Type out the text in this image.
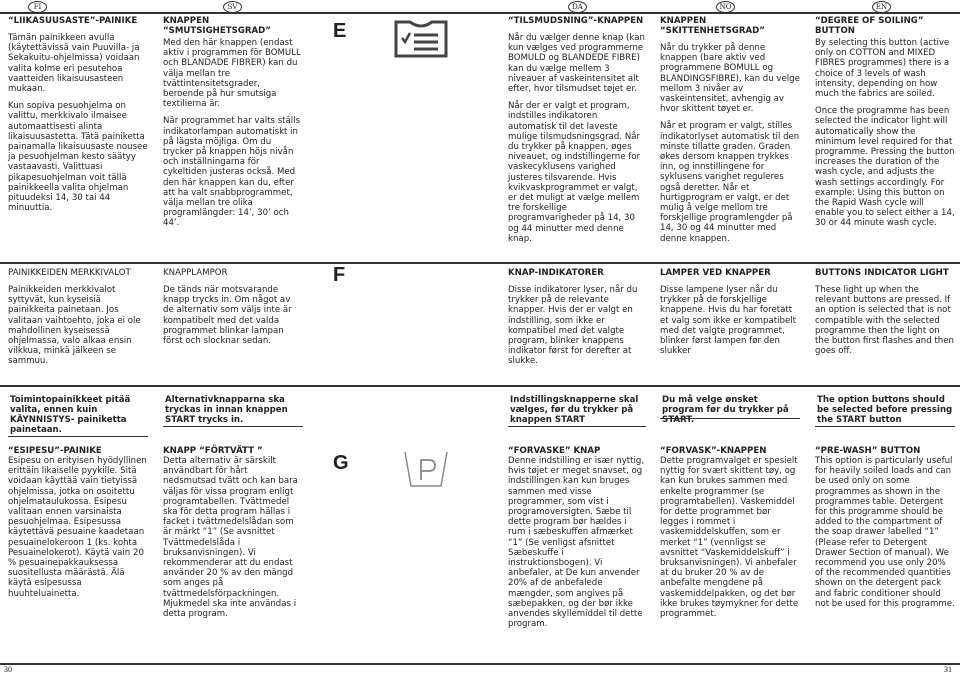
FI	SV	DA	NO	EN
E
F
G
“LIIKASUUSASTE”-PAINIKE

Tämän painikkeen avulla (käytettävissä vain Puuvilla- ja Sekakuitu-ohjelmissa) voidaan valita kolme eri pesutehoa vaatteiden likaisuusasteen mukaan.

Kun sopiva pesuohjelma on valittu, merkkivalo ilmaisee automaattisesti alinta likaisuusastetta. Tätä painiketta painamalla likaisuusaste nousee ja pesuohjelman kesto säätyy vastaavasti. Valittuasi pikapesuohjelman voit tällä painikkeella valita ohjelman pituudeksi 14, 30 tai 44 minuuttia.

KNAPPEN “SMUTSIGHETSGRAD”

Med den här knappen (endast aktiv i programmen för BOMULL och BLANDADE FIBRER) kan du välja mellan tre tvättintensitetsgrader, beroende på hur smutsiga textilierna är.

När programmet har valts ställs indikatorlampan automatiskt in på lägsta möjliga. Om du trycker på knappen höjs nivån och inställningarna för cykeltiden justeras också. Med den här knappen kan du, efter att ha valt snabbprogrammet, välja mellan tre olika programlängder: 14’, 30’ och 44’.

“TILSMUDSNING”-KNAPPEN

Når du vælger denne knap (kan kun vælges ved programmerne BOMULD og BLANDEDE FIBRE) kan du vælge mellem 3 niveauer af vaskeintensitet alt efter, hvor tilsmudset tøjet er.

Når der er valgt et program, indstilles indikatoren automatisk til det laveste mulige tilsmudsningsgrad. Når du trykker på knappen, øges niveauet, og indstillingerne for vaskecyklusens varighed justeres tilsvarende. Hvis kvikvaskprogrammet er valgt, er det muligt at vælge mellem tre forskellige programvarigheder på 14, 30 og 44 minutter med denne knap.

KNAPPEN “SKITTENHETSGRAD”

Når du trykker på denne knappen (bare aktiv ved programmene BOMULL og BLANDINGSFIBRE), kan du velge mellom 3 nivåer av vaskeintensitet, avhengig av hvor skittent tøyet er.

Når et program er valgt, stilles indikatorlyset automatisk til den minste tillatte graden. Graden økes dersom knappen trykkes inn, og innstillingene for syklusens varighet reguleres også deretter. Når et hurtigprogram er valgt, er det mulig å velge mellom tre forskjellige programlengder på 14, 30 og 44 minutter med denne knappen.

“DEGREE OF SOILING” BUTTON

By selecting this button (active only on COTTON and MIXED FIBRES programmes) there is a choice of 3 levels of wash intensity, depending on how much the fabrics are soiled.

Once the programme has been selected the indicator light will automatically show the minimum level required for that programme. Pressing the button increases the duration of the wash cycle, and adjusts the wash settings accordingly. For example: Using this button on the Rapid Wash cycle will enable you to select either a 14, 30 or 44 minute wash cycle.

PAINIKKEIDEN MERKKIVALOT

Painikkeiden merkkivalot syttyvät, kun kyseisiä painikkeita painetaan. Jos valitaan vaihtoehto, joka ei ole mahdollinen kyseisessä ohjelmassa, valo alkaa ensin vilkkua, minkä jälkeen se sammuu.

KNAPPLAMPOR

De tänds när motsvarande knapp trycks in. Om något av de alternativ som väljs inte är kompatibelt med det valda programmet blinkar lampan först och slocknar sedan.

KNAP-INDIKATORER

Disse indikatorer lyser, når du trykker på de relevante knapper. Hvis der er valgt en indstilling, som ikke er kompatibel med det valgte program, blinker knappens indikator først for derefter at slukke.

LAMPER VED KNAPPER

Disse lampene lyser når du trykker på de forskjellige knappene. Hvis du har foretatt et valg som ikke er kompatibelt med det valgte programmet, blinker først lampen før den slukker

BUTTONS INDICATOR LIGHT

These light up when the relevant buttons are pressed. If an option is selected that is not compatible with the selected programme then the light on the button first flashes and then goes off.

Toimintopainikkeet pitää valita, ennen kuin KÄYNNISTYS- painiketta painetaan.
Alternativknapparna ska tryckas in innan knappen START trycks in.
Indstillingsknapperne skal vælges, før du trykker på knappen START
Du må velge ønsket program før du trykker på START.
The option buttons should be selected before pressing the START button
“ESIPESU”-PAINIKE

Esipesu on erityisen hyödyllinen erittäin likaiselle pyykille. Sitä voidaan käyttää vain tietyissä ohjelmissa, jotka on osoitettu ohjelmataulukossa. Esipesu valitaan ennen varsinaista pesuohjelmaa. Esipesussa käytettävä pesuaine kaadetaan pesuainelokeroon 1 (ks. kohta Pesuainelokerot). Käytä vain 20 % pesuainepakkauksessa suositellusta määrästä. Älä käytä esipesussa huuhteluainetta.

KNAPP “FÖRTVÄTT ”

Detta alternativ är särskilt användbart för hårt nedsmutsad tvätt och kan bara väljas för vissa program enligt programtabellen. Tvättmedel ska för detta program hällas i facket i tvättmedelslådan som är märkt “1” (Se avsnittet Tvättmedelslåda i bruksanvisningen). Vi rekommenderar att du endast använder 20 % av den mängd som anges på tvättmedelsförpackningen. Mjukmedel ska inte användas i detta program.

“FORVASKE” KNAP

Denne indstilling er især nyttig, hvis tøjet er meget snavset, og indstillingen kan kun bruges sammen med visse programmer, som vist i programoversigten. Sæbe til dette program bør hældes i rum i sæbeskuffen afmærket “1” (Se venligst afsnittet Sæbeskuffe i instruktionsbogen). Vi anbefaler, at De kun anvender 20% af de anbefalede mængder, som angives på sæbepakken, og der bør ikke anvendes skyllemiddel til dette program.

“FORVASK”-KNAPPEN

Dette programvalget er spesielt nyttig for svært skittent tøy, og kan kun brukes sammen med enkelte programmer (se programtabellen). Vaskemiddel for dette programmet bør legges i rommet i vaskemiddelskuffen, som er merket “1” (vennligst se avsnittet “Vaskemiddelskuff” i bruksanvisningen). Vi anbefaler at du bruker 20 % av de anbefalte mengdene på vaskemiddelpakken, og det bør ikke brukes tøymykner for dette programmet.

“PRE-WASH” BUTTON

This option is particularly useful for heavily soiled loads and can be used only on some programmes as shown in the programmes table. Detergent for this programme should be added to the compartment of the soap drawer labelled “1” (Please refer to Detergent Drawer Section of manual). We recommend you use only 20% of the recommended quantities shown on the detergent pack and fabric conditioner should not be used for this programme.

30	31
